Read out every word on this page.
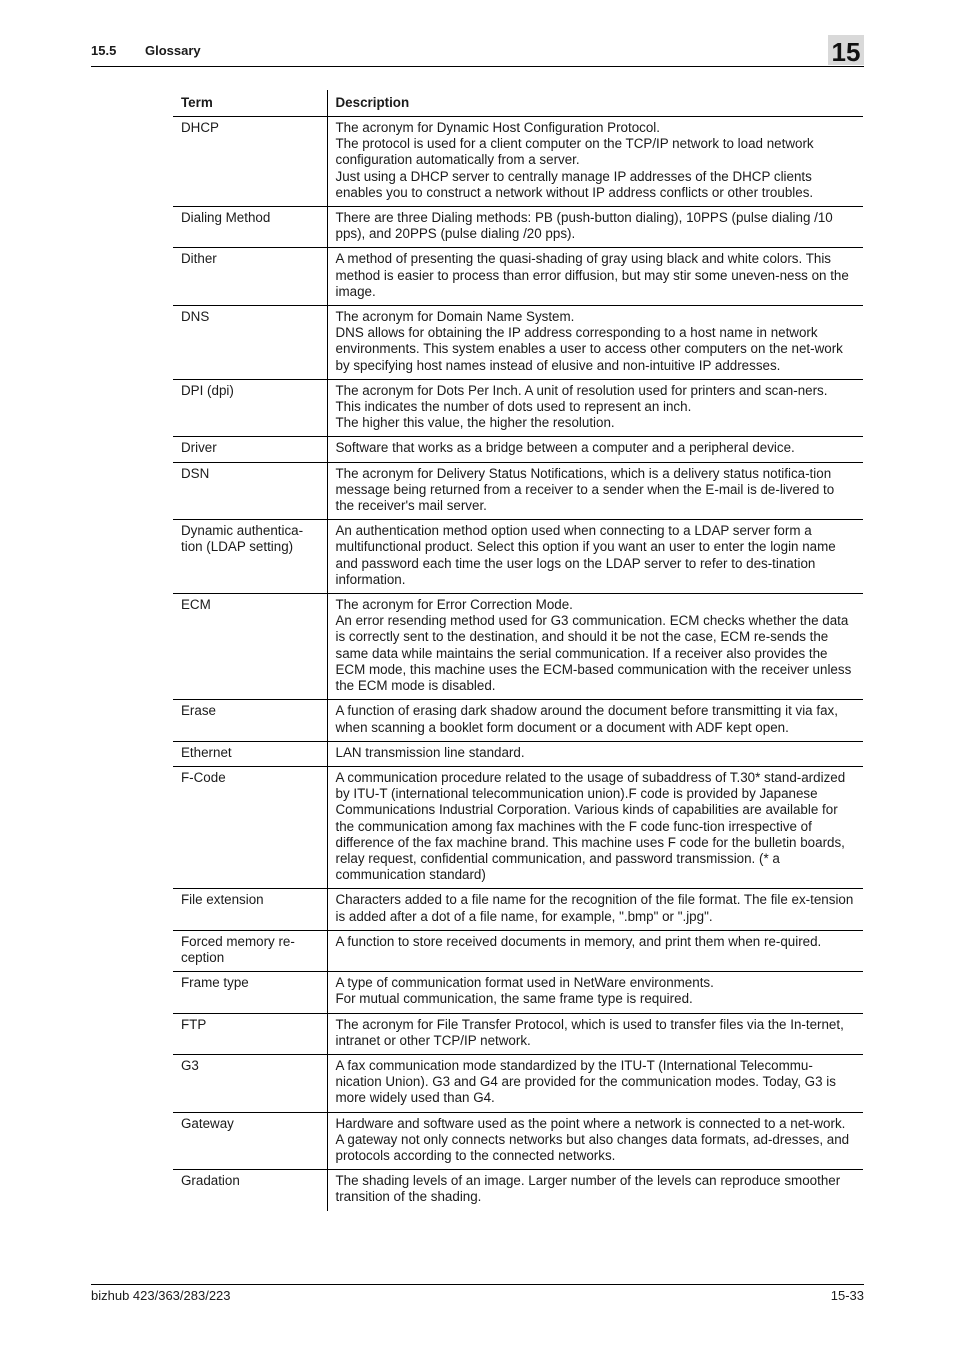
15.5 Glossary	15
Term	Description
DHCP	The acronym for Dynamic Host Configuration Protocol.
The protocol is used for a client computer on the TCP/IP network to load network configuration automatically from a server.
Just using a DHCP server to centrally manage IP addresses of the DHCP clients enables you to construct a network without IP address conflicts or other troubles.
Dialing Method	There are three Dialing methods: PB (push-button dialing), 10PPS (pulse dialing /10 pps), and 20PPS (pulse dialing /20 pps).
Dither	A method of presenting the quasi-shading of gray using black and white colors. This method is easier to process than error diffusion, but may stir some uneven-ness on the image.
DNS	The acronym for Domain Name System.
DNS allows for obtaining the IP address corresponding to a host name in network environments. This system enables a user to access other computers on the net-work by specifying host names instead of elusive and non-intuitive IP addresses.
DPI (dpi)	The acronym for Dots Per Inch. A unit of resolution used for printers and scan-ners.
This indicates the number of dots used to represent an inch.
The higher this value, the higher the resolution.
Driver	Software that works as a bridge between a computer and a peripheral device.
DSN	The acronym for Delivery Status Notifications, which is a delivery status notifica-tion message being returned from a receiver to a sender when the E-mail is de-livered to the receiver's mail server.
Dynamic authentica-tion (LDAP setting)	An authentication method option used when connecting to a LDAP server form a multifunctional product. Select this option if you want an user to enter the login name and password each time the user logs on the LDAP server to refer to des-tination information.
ECM	The acronym for Error Correction Mode.
An error resending method used for G3 communication. ECM checks whether the data is correctly sent to the destination, and should it be not the case, ECM re-sends the same data while maintains the serial communication. If a receiver also provides the ECM mode, this machine uses the ECM-based communication with the receiver unless the ECM mode is disabled.
Erase	A function of erasing dark shadow around the document before transmitting it via fax, when scanning a booklet form document or a document with ADF kept open.
Ethernet	LAN transmission line standard.
F-Code	A communication procedure related to the usage of subaddress of T.30* stand-ardized by ITU-T (international telecommunication union).F code is provided by Japanese Communications Industrial Corporation. Various kinds of capabilities are available for the communication among fax machines with the F code func-tion irrespective of difference of the fax machine brand. This machine uses F code for the bulletin boards, relay request, confidential communication, and password transmission. (* a communication standard)
File extension	Characters added to a file name for the recognition of the file format. The file ex-tension is added after a dot of a file name, for example, ".bmp" or ".jpg".
Forced memory re-ception	A function to store received documents in memory, and print them when re-quired.
Frame type	A type of communication format used in NetWare environments.
For mutual communication, the same frame type is required.
FTP	The acronym for File Transfer Protocol, which is used to transfer files via the In-ternet, intranet or other TCP/IP network.
G3	A fax communication mode standardized by the ITU-T (International Telecommu-nication Union). G3 and G4 are provided for the communication modes. Today, G3 is more widely used than G4.
Gateway	Hardware and software used as the point where a network is connected to a net-work. A gateway not only connects networks but also changes data formats, ad-dresses, and protocols according to the connected networks.
Gradation	The shading levels of an image. Larger number of the levels can reproduce smoother transition of the shading.
bizhub 423/363/283/223	15-33
